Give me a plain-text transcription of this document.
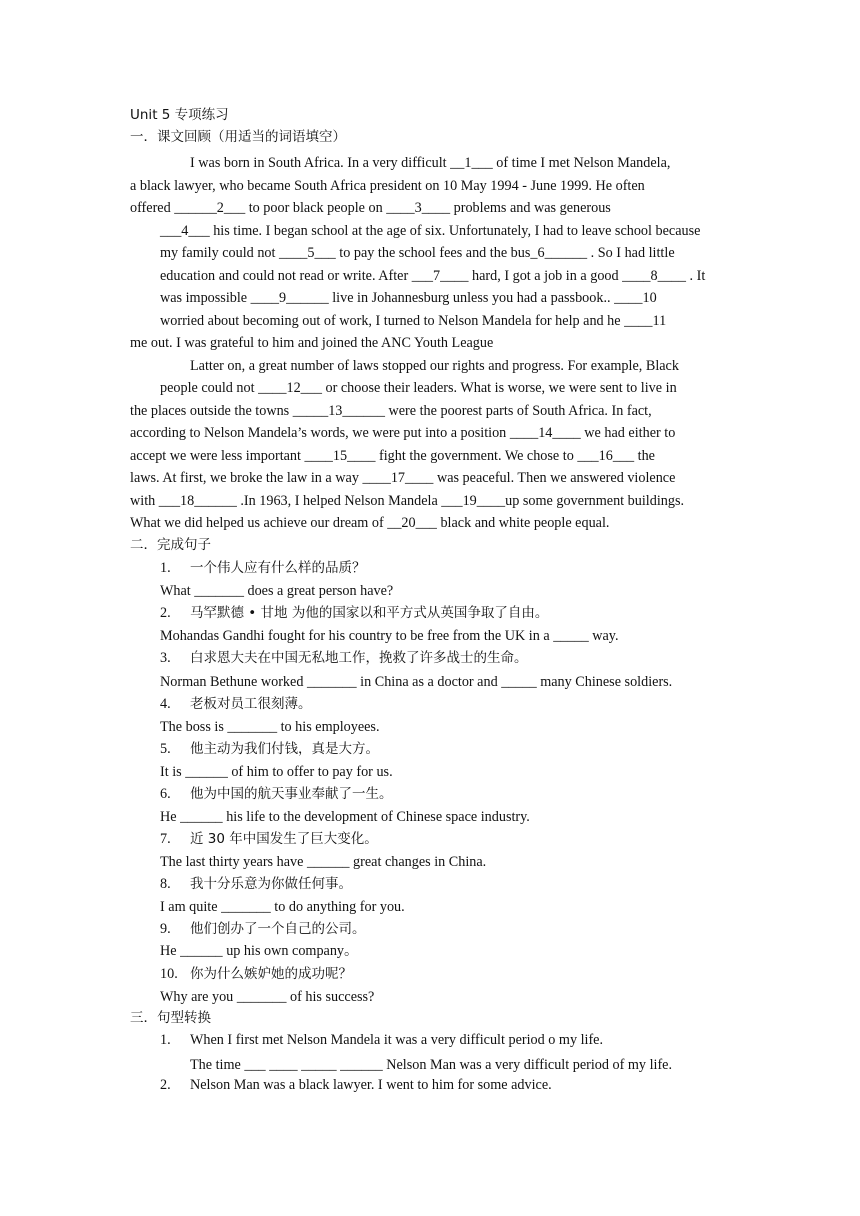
Unit 5 专项练习
一．课文回顾（用适当的词语填空）
I was born in South Africa. In a very difficult __1___ of time I met Nelson Mandela,
a black lawyer, who became South Africa president on 10 May 1994 - June 1999. He often
offered ______2___ to poor black people on ____3____ problems and was generous
___4___ his time. I began school at the age of six. Unfortunately, I had to leave school because
my family could not ____5___ to pay the school fees and the bus_6______ . So I had little
education and could not read or write. After ___7____ hard, I got a job in a good ____8____ . It
was impossible ____9______ live in Johannesburg unless you had a passbook.. ____10
worried about becoming out of work, I turned to Nelson Mandela for help and he ____11
me out. I was grateful to him and joined the ANC Youth League
Latter on, a great number of laws stopped our rights and progress. For example, Black
people could not ____12___ or choose their leaders. What is worse, we were sent to live in
the places outside the towns _____13______ were the poorest parts of South Africa. In fact,
according to Nelson Mandela’s words, we were put into a position ____14____ we had either to
accept we were less important ____15____ fight the government. We chose to ___16___ the
laws. At first, we broke the law in a way ____17____ was peaceful. Then we answered violence
with ___18______ .In 1963, I helped Nelson Mandela ___19____up some government buildings.
What we did helped us achieve our dream of __20___ black and white people equal.
二．完成句子
1. 一个伟人应有什么样的品质？
What _______ does a great person have?
2. 马罕默德 • 甘地 为他的国家以和平方式从英国争取了自由。
Mohandas Gandhi fought for his country to be free from the UK in a _____ way.
3. 白求恩大夫在中国无私地工作，挽救了许多战士的生命。
Norman Bethune worked _______ in China as a doctor and _____ many Chinese soldiers.
4. 老板对员工很刻薄。
The boss is _______ to his employees.
5. 他主动为我们付钱，真是大方。
It is ______ of him to offer to pay for us.
6. 他为中国的航天事业奉献了一生。
He ______ his life to the development of Chinese space industry.
7. 近 30 年中国发生了巨大变化。
The last thirty years have ______ great changes in China.
8. 我十分乐意为你做任何事。
I am quite _______ to do anything for you.
9. 他们创办了一个自己的公司。
He ______ up his own company。
10. 你为什么嫉妒她的成功呢？
Why are you _______ of his success?
三．句型转换
1. When I first met Nelson Mandela it was a very difficult period o my life.
The time ___ ____ _____ ______ Nelson Man was a very difficult period of my life.
2. Nelson Man was a black lawyer. I went to him for some advice.
